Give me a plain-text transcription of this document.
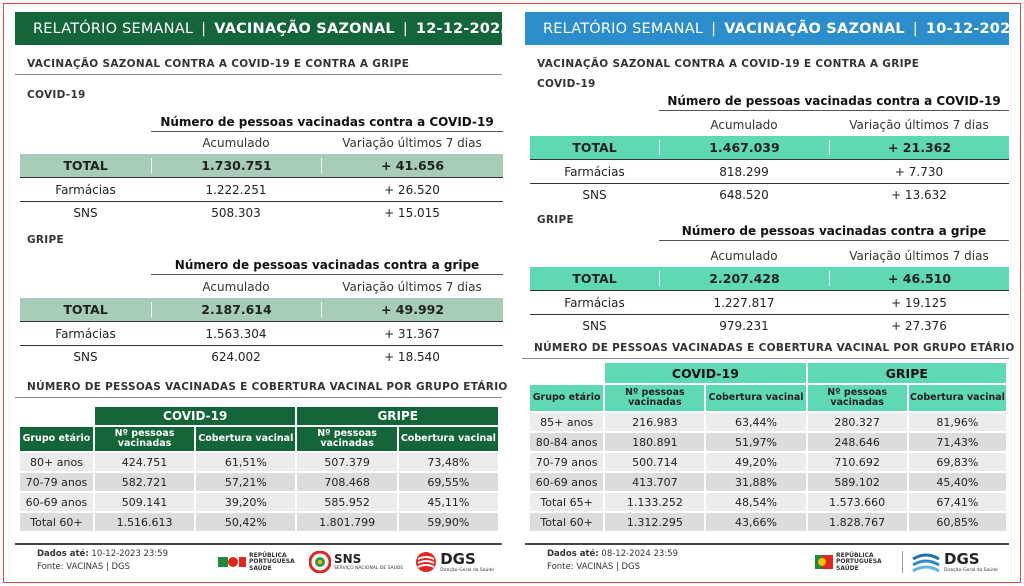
RELATÓRIO SEMANAL | VACINAÇÃO SAZONAL | 12-12-2023
VACINAÇÃO SAZONAL CONTRA A COVID-19 E CONTRA A GRIPE
COVID-19
Número de pessoas vacinadas contra a COVID-19
Acumulado	Variação últimos 7 dias
TOTAL	1.730.751	+ 41.656
Farmácias	1.222.251	+ 26.520
SNS	508.303	+ 15.015
GRIPE
Número de pessoas vacinadas contra a gripe
Acumulado	Variação últimos 7 dias
TOTAL	2.187.614	+ 49.992
Farmácias	1.563.304	+ 31.367
SNS	624.002	+ 18.540
NÚMERO DE PESSOAS VACINADAS E COBERTURA VACINAL POR GRUPO ETÁRIO
	COVID-19		GRIPE	
Grupo etário	Nº pessoas vacinadas	Cobertura vacinal	Nº pessoas vacinadas	Cobertura vacinal
80+ anos	424.751	61,51%	507.379	73,48%
70-79 anos	582.721	57,21%	708.468	69,55%
60-69 anos	509.141	39,20%	585.952	45,11%
Total 60+	1.516.613	50,42%	1.801.799	59,90%
Dados até: 10-12-2023 23:59
Fonte: VACINAS | DGS
REPÚBLICA PORTUGUESA
SAÚDE
SNS
SERVIÇO NACIONAL DE SAÚDE
DGS
Direção-Geral da Saúde
RELATÓRIO SEMANAL | VACINAÇÃO SAZONAL | 10-12-2024
VACINAÇÃO SAZONAL CONTRA A COVID-19 E CONTRA A GRIPE
COVID-19
Número de pessoas vacinadas contra a COVID-19
Acumulado	Variação últimos 7 dias
TOTAL	1.467.039	+ 21.362
Farmácias	818.299	+ 7.730
SNS	648.520	+ 13.632
GRIPE
Número de pessoas vacinadas contra a gripe
Acumulado	Variação últimos 7 dias
TOTAL	2.207.428	+ 46.510
Farmácias	1.227.817	+ 19.125
SNS	979.231	+ 27.376
NÚMERO DE PESSOAS VACINADAS E COBERTURA VACINAL POR GRUPO ETÁRIO
	COVID-19		GRIPE	
Grupo etário	Nº pessoas vacinadas	Cobertura vacinal	Nº pessoas vacinadas	Cobertura vacinal
85+ anos	216.983	63,44%	280.327	81,96%
80-84 anos	180.891	51,97%	248.646	71,43%
70-79 anos	500.714	49,20%	710.692	69,83%
60-69 anos	413.707	31,88%	589.102	45,40%
Total 65+	1.133.252	48,54%	1.573.660	67,41%
Total 60+	1.312.295	43,66%	1.828.767	60,85%
Dados até: 08-12-2024 23:59
Fonte: VACINAS | DGS
REPÚBLICA PORTUGUESA
SAÚDE	DGS
Direção-Geral da Saúde
